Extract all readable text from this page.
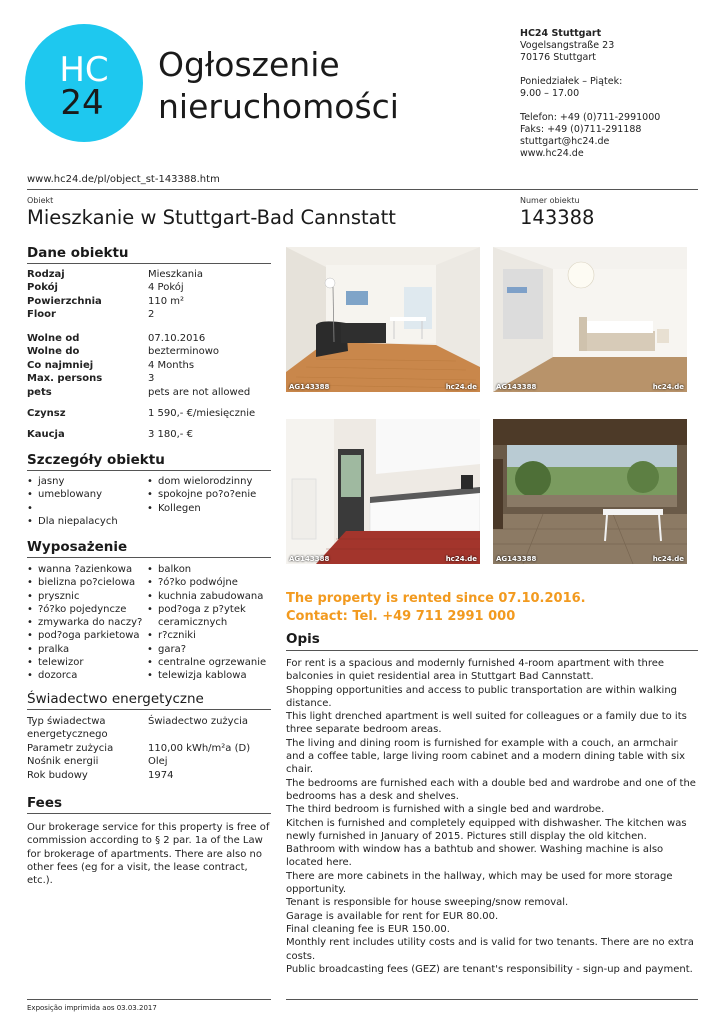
HC
24
Ogłoszenie
nieruchomości
HC24 Stuttgart
Vogelsangstraße 23
70176 Stuttgart
Poniedziałek – Piątek:
9.00 – 17.00
Telefon: +49 (0)711-2991000
Faks: +49 (0)711-291188
stuttgart@hc24.de
www.hc24.de
www.hc24.de/pl/object_st-143388.htm
Obiekt
Mieszkanie w Stuttgart-Bad Cannstatt
Numer obiektu
143388
Dane obiektu
Rodzaj	Mieszkania
Pokój	4 Pokój
Powierzchnia	110 m²
Floor	2
Wolne od	07.10.2016
Wolne do	bezterminowo
Co najmniej	4 Months
Max. persons	3
pets	pets are not allowed
Czynsz	1 590,- €/miesięcznie
Kaucja	3 180,- €
Szczegóły obiektu
• jasny
• umeblowany
•
• Dla niepalacych
• dom wielorodzinny
• spokojne po?o?enie
• Kollegen
Wyposażenie
• wanna ?azienkowa
• bielizna po?cielowa
• prysznic
• ?ó?ko pojedyncze
• zmywarka do naczy?
• pod?oga parkietowa
• pralka
• telewizor
• dozorca
• balkon
• ?ó?ko podwójne
• kuchnia zabudowana
• pod?oga z p?ytek
ceramicznych
• r?czniki
• gara?
• centralne ogrzewanie
• telewizja kablowa
Świadectwo energetyczne
Typ świadectwa	Świadectwo zużycia
energetycznego	
Parametr zużycia	110,00 kWh/m²a (D)
Nośnik energii	Olej
Rok budowy	1974
Fees
Our brokerage service for this property is free of commission according to § 2 par. 1a of the Law for brokerage of apartments. There are also no other fees (eg for a visit, the lease contract, etc.).
AG143388	hc24.de	AG143388	hc24.de
AG143388	hc24.de	AG143388	hc24.de
The property is rented since 07.10.2016.
Contact: Tel. +49 711 2991 000
Opis

For rent is a spacious and modernly furnished 4-room apartment with three balconies in quiet residential area in Stuttgart Bad Cannstatt.

Shopping opportunities and access to public transportation are within walking distance.

This light drenched apartment is well suited for colleagues or a family due to its three separate bedroom areas.

The living and dining room is furnished for example with a couch, an armchair and a coffee table, large living room cabinet and a modern dining table with six chair.

The bedrooms are furnished each with a double bed and wardrobe and one of the bedrooms has a desk and shelves.

The third bedroom is furnished with a single bed and wardrobe.

Kitchen is furnished and completely equipped with dishwasher. The kitchen was newly furnished in January of 2015. Pictures still display the old kitchen.

Bathroom with window has a bathtub and shower. Washing machine is also located here.

There are more cabinets in the hallway, which may be used for more storage opportunity.

Tenant is responsible for house sweeping/snow removal.

Garage is available for rent for EUR 80.00.

Final cleaning fee is EUR 150.00.

Monthly rent includes utility costs and is valid for two tenants. There are no extra costs.

Public broadcasting fees (GEZ) are tenant's responsibility - sign-up and payment.

Exposição imprimida aos 03.03.2017
